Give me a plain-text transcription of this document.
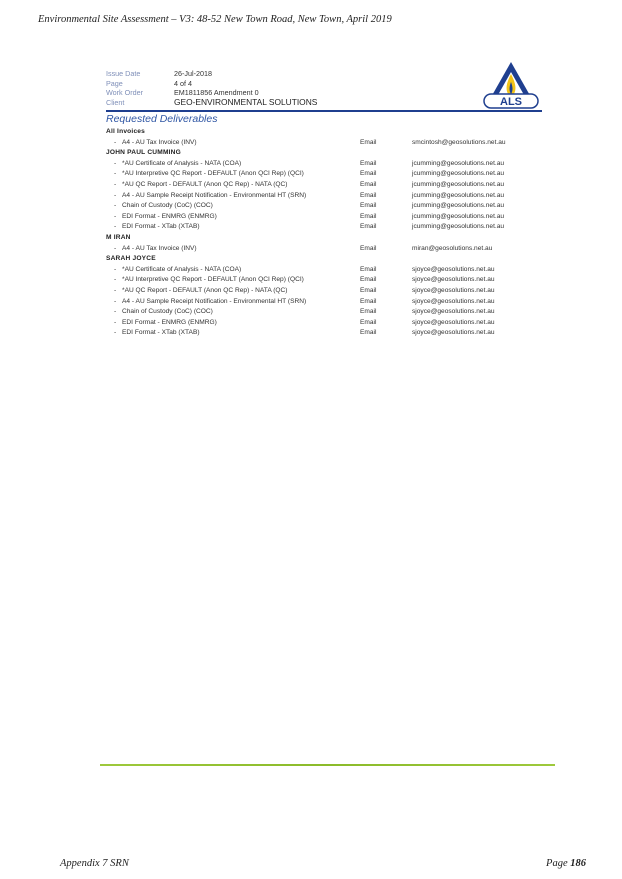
Environmental Site Assessment – V3: 48-52 New Town Road, New Town, April 2019
Issue Date	26-Jul-2018
Page	4 of 4
Work Order	EM1811856 Amendment 0
Client	GEO-ENVIRONMENTAL SOLUTIONS	ALS
Requested Deliverables
All Invoices
- A4 - AU Tax Invoice (INV)	Email	smcintosh@geosolutions.net.au
JOHN PAUL CUMMING
- *AU Certificate of Analysis - NATA (COA)	Email	jcumming@geosolutions.net.au
- *AU Interpretive QC Report - DEFAULT (Anon QCI Rep) (QCI)	Email	jcumming@geosolutions.net.au
- *AU QC Report - DEFAULT (Anon QC Rep) - NATA (QC)	Email	jcumming@geosolutions.net.au
- A4 - AU Sample Receipt Notification - Environmental HT (SRN)	Email	jcumming@geosolutions.net.au
- Chain of Custody (CoC) (COC)	Email	jcumming@geosolutions.net.au
- EDI Format - ENMRG (ENMRG)	Email	jcumming@geosolutions.net.au
- EDI Format - XTab (XTAB)	Email	jcumming@geosolutions.net.au
M IRAN
- A4 - AU Tax Invoice (INV)	Email	miran@geosolutions.net.au
SARAH JOYCE
- *AU Certificate of Analysis - NATA (COA)	Email	sjoyce@geosolutions.net.au
- *AU Interpretive QC Report - DEFAULT (Anon QCI Rep) (QCI)	Email	sjoyce@geosolutions.net.au
- *AU QC Report - DEFAULT (Anon QC Rep) - NATA (QC)	Email	sjoyce@geosolutions.net.au
- A4 - AU Sample Receipt Notification - Environmental HT (SRN)	Email	sjoyce@geosolutions.net.au
- Chain of Custody (CoC) (COC)	Email	sjoyce@geosolutions.net.au
- EDI Format - ENMRG (ENMRG)	Email	sjoyce@geosolutions.net.au
- EDI Format - XTab (XTAB)	Email	sjoyce@geosolutions.net.au
Appendix 7 SRN	Page 186
